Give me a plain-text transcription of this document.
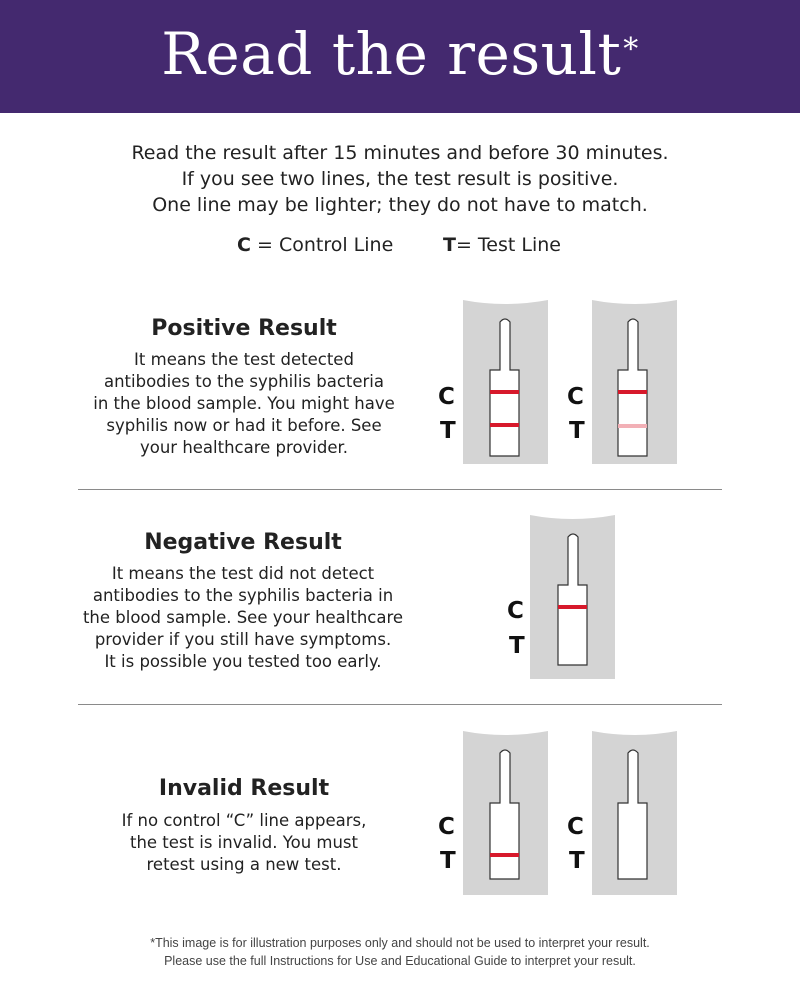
Read the result*
Read the result after 15 minutes and before 30 minutes.
If you see two lines, the test result is positive.
One line may be lighter; they do not have to match.
C = Control Line	T= Test Line
Positive Result
It means the test detected
antibodies to the syphilis bacteria
in the blood sample. You might have
syphilis now or had it before. See
your healthcare provider.
C
T
C
T
Negative Result
It means the test did not detect
antibodies to the syphilis bacteria in
the blood sample. See your healthcare
provider if you still have symptoms.
It is possible you tested too early.
C
T
Invalid Result
If no control “C” line appears,
the test is invalid. You must
retest using a new test.
C
T
C
T
*This image is for illustration purposes only and should not be used to interpret your result.
Please use the full Instructions for Use and Educational Guide to interpret your result.
